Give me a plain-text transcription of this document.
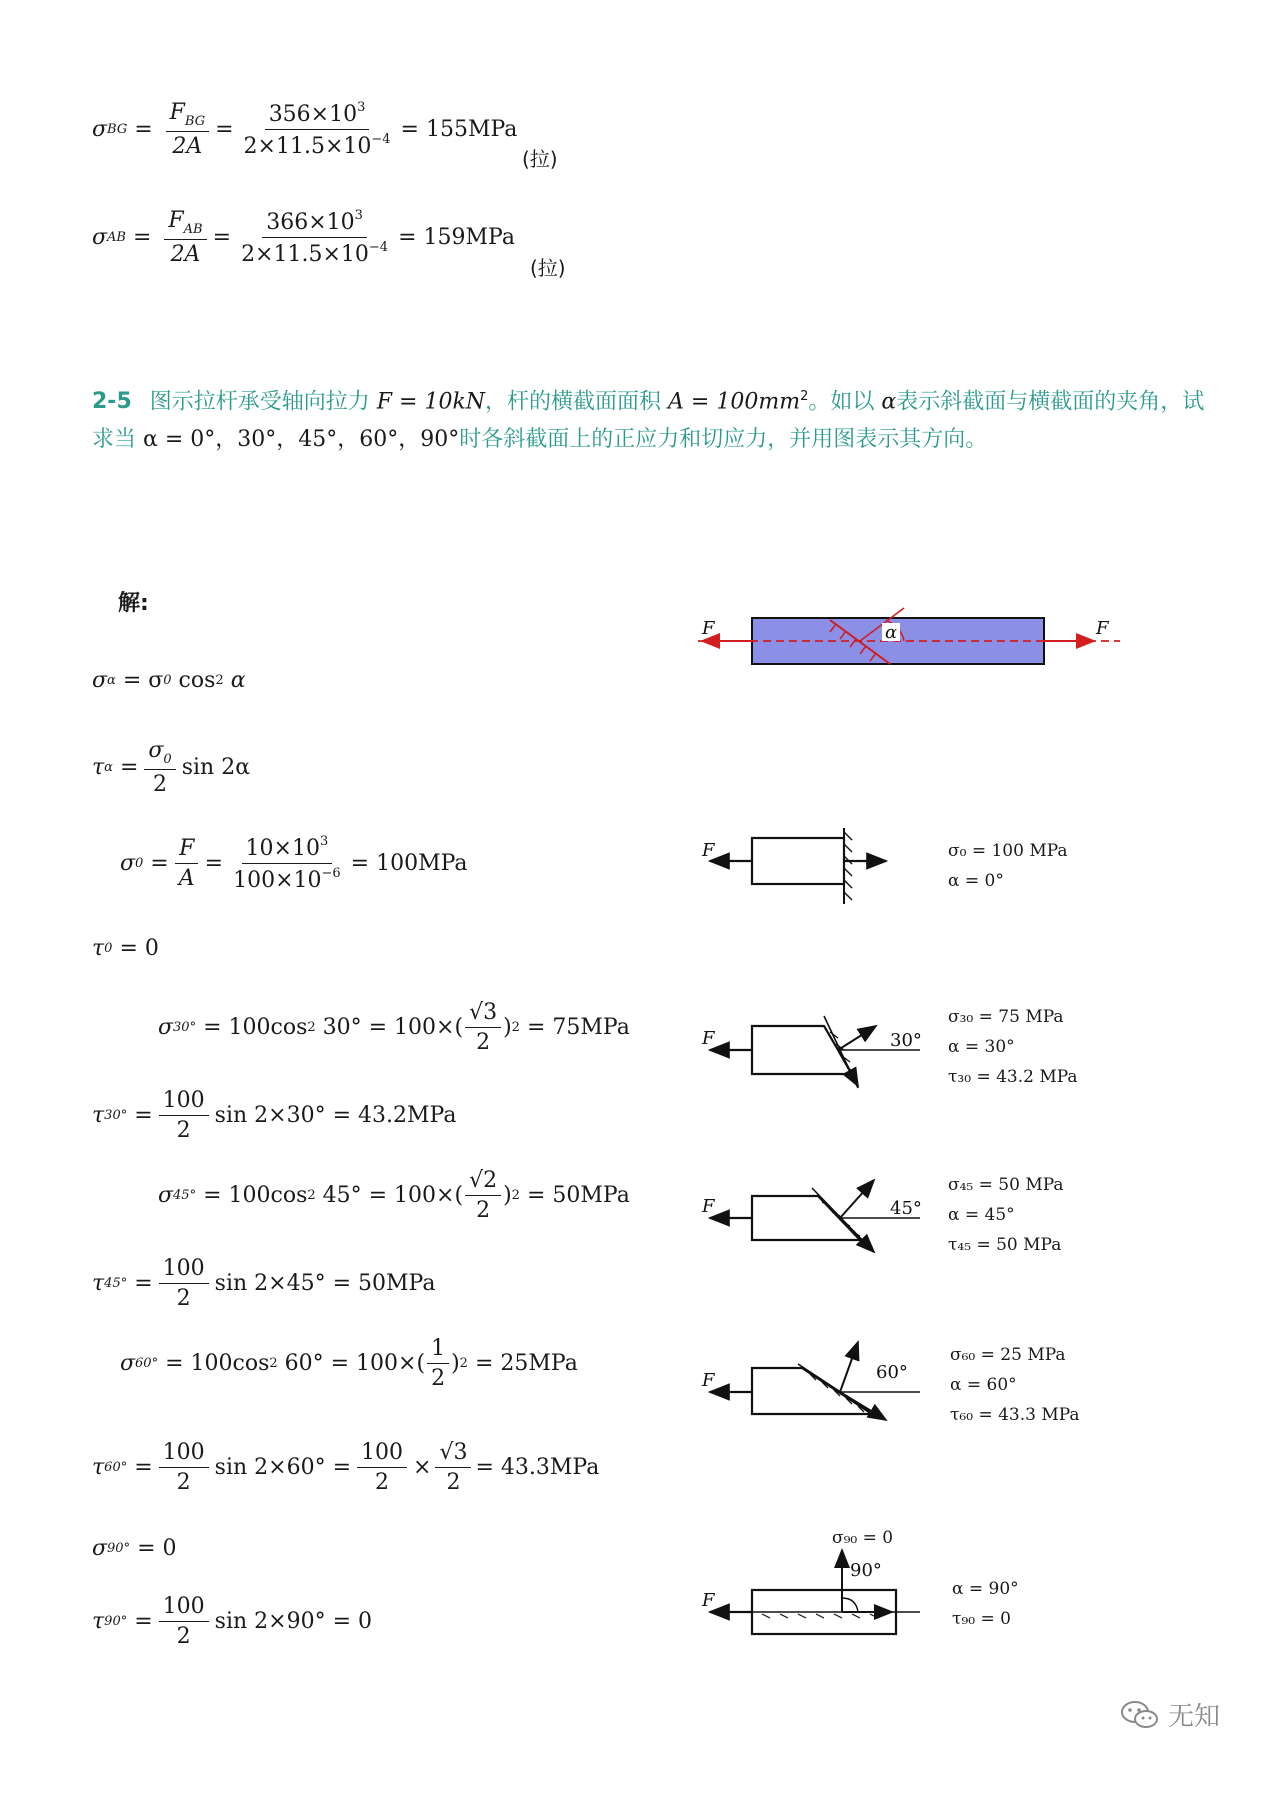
σ BG = $\frac{F_{BG}}{2A} = \frac{356\times 10^3}{2\times 11.5\times 10^{-4}} = 155MPa$
(拉)
σ AB = $\frac{F_{AB}}{2A} = \frac{366\times 10^3}{2\times 11.5\times 10^{-4}} = 159MPa$
(拉)
2-5 图示拉杆承受轴向拉力 F = 10kN，杆的横截面面积 $A = 100mm^2$。如以 α表示斜截面与横截面的夹角，试求当 α = 0°，30°，45°，60°，90°时各斜截面上的正应力和切应力，并用图表示其方向。
解:
σ α
= σ 0
cos 2
α
τ $\alpha = \frac{\sigma_0}{2}$ sin 2α
σ $0 = \frac{F}{A} = \frac{10\times 10^3}{100\times 10^{-6}} = 100MPa$
τ 0
= 0
σ 30°
= 100cos 2
$30^\circ = 100\times( \frac{√3}{2}$ ) 2
= 75MPa
τ $30^\circ = \frac{100}{2}$ sin 2×30° = 43.2MPa
σ 45°
= 100cos 2
$45^\circ = 100\times( \frac{√2}{2}$ ) 2
= 50MPa
τ $45^\circ = \frac{100}{2}$ sin 2×45° = 50MPa
σ 60°
= 100cos 2
$60^\circ = 100\times( \frac{1}{2}$ ) 2
= 25MPa
τ $60^\circ = \frac{100}{2}$ $\sin 2\times 60^\circ = \frac{100}{2} \times \frac{√3}{2} = 43.3MPa$
σ 90°
= 0
τ $90^\circ = \frac{100}{2}$ sin 2×90° = 0
α
F	F
F	σ₀ = 100 MPa
α = 0°
30°
F
σ₃₀ = 75 MPa
α = 30°
τ₃₀ = 43.2 MPa
45°
F
σ₄₅ = 50 MPa
α = 45°
τ₄₅ = 50 MPa
60°
F
σ₆₀ = 25 MPa
α = 60°
τ₆₀ = 43.3 MPa
90°
F
σ₉₀ = 0
α = 90°
τ₉₀ = 0
无知
